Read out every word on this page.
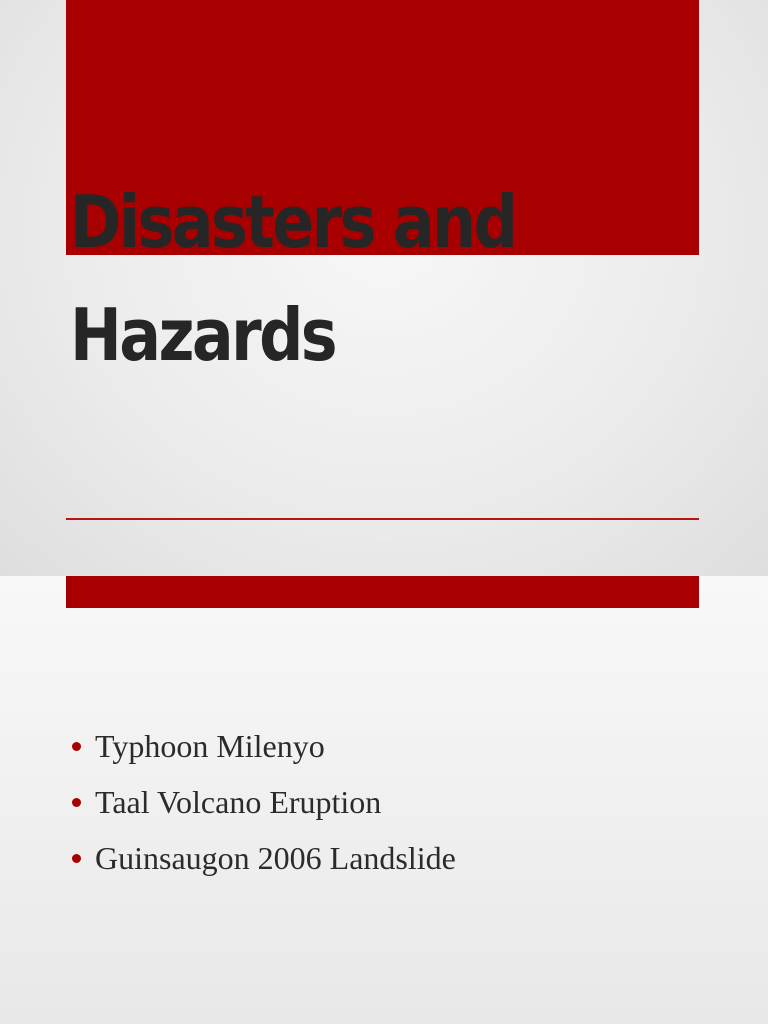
Disasters and
Hazards
Typhoon Milenyo
Taal Volcano Eruption
Guinsaugon 2006 Landslide
